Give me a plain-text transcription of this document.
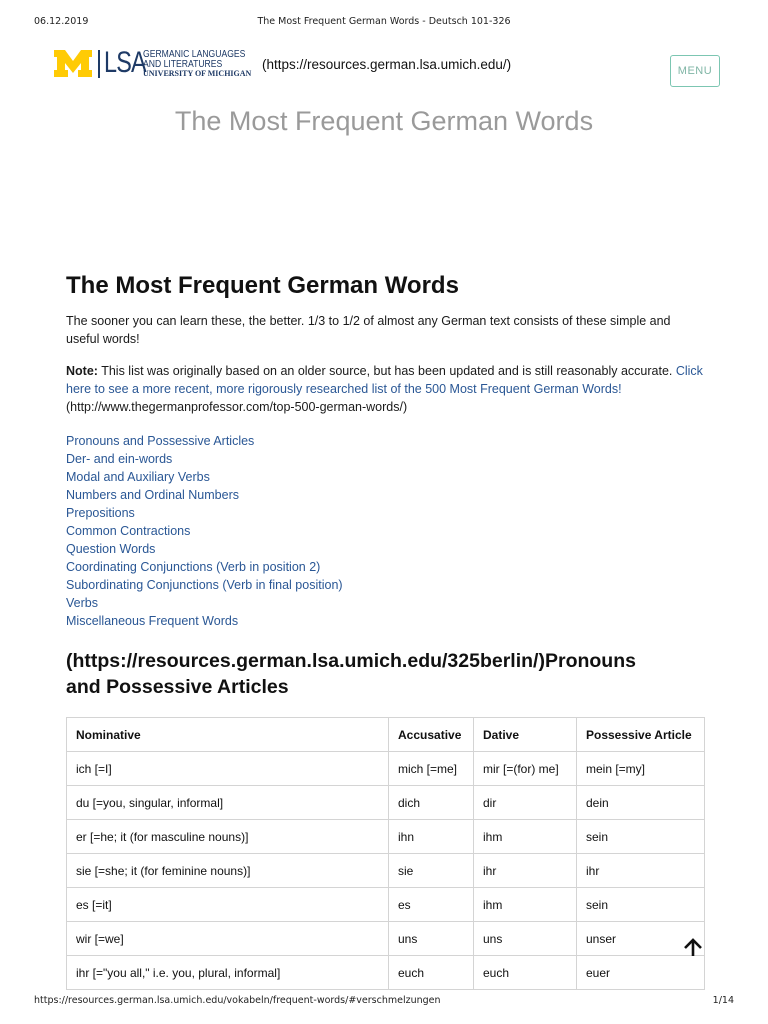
06.12.2019	The Most Frequent German Words - Deutsch 101-326
LSA
GERMANIC LANGUAGES
AND LITERATURES
UNIVERSITY OF MICHIGAN
(https://resources.german.lsa.umich.edu/)	MENU
The Most Frequent German Words
The Most Frequent German Words

The sooner you can learn these, the better. 1/3 to 1/2 of almost any German text consists of these simple and useful words!

Note: This list was originally based on an older source, but has been updated and is still reasonably accurate. Click here to see a more recent, more rigorously researched list of the 500 Most Frequent German Words!
(http://www.thegermanprofessor.com/top-500-german-words/)

Pronouns and Possessive Articles
Der- and ein-words
Modal and Auxiliary Verbs
Numbers and Ordinal Numbers
Prepositions
Common Contractions
Question Words
Coordinating Conjunctions (Verb in position 2)
Subordinating Conjunctions (Verb in final position)
Verbs
Miscellaneous Frequent Words
(https://resources.german.lsa.umich.edu/325berlin/)Pronouns
and Possessive Articles
Nominative	Accusative	Dative	Possessive Article
ich [=I]	mich [=me]	mir [=(for) me]	mein [=my]
du [=you, singular, informal]	dich	dir	dein
er [=he; it (for masculine nouns)]	ihn	ihm	sein
sie [=she; it (for feminine nouns)]	sie	ihr	ihr
es [=it]	es	ihm	sein
wir [=we]	uns	uns	unser
ihr [="you all," i.e. you, plural, informal]	euch	euch	euer
https://resources.german.lsa.umich.edu/vokabeln/frequent-words/#verschmelzungen	1/14
